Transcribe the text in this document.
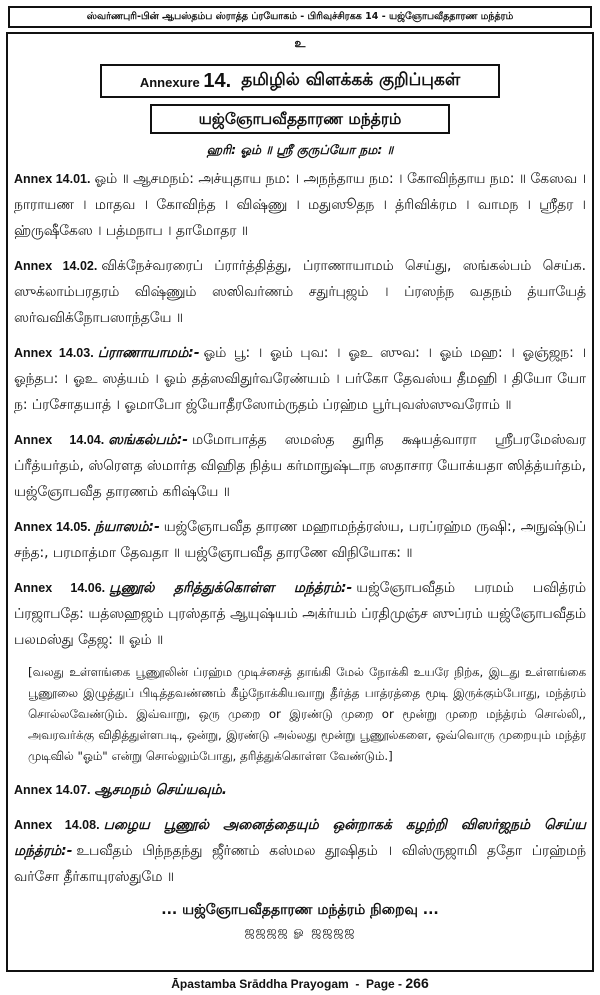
ஸ்வர்ணபுரி-பின் ஆபஸ்தம்ப ஸ்ராத்த ப்ரயோகம் - பிரிவுச்சிரகக 14 - யஜ்ஞோபவீததாரண மந்த்ரம்
உ
Annexure 14. தமிழில் விளக்கக் குறிப்புகள்
யஜ்ஞோபவீததாரண மந்த்ரம்
ஹரி: ஓம் ॥ ஸ்ரீ குருப்யோ நம: ॥

Annex 14.01. ஓம் ॥ ஆசமநம்: அச்யுதாய நம: । அநந்தாய நம: । கோவிந்தாய நம: ॥ கேஸவ । நாராயண । மாதவ । கோவிந்த । விஷ்ணு । மதுஸூதந । த்ரிவிக்ரம । வாமந । ஸ்ரீதர । ஹ்ருஷீகேஸ । பத்மநாப । தாமோதர ॥

Annex 14.02. விக்நேச்வரரைப் ப்ரார்த்தித்து, ப்ராணாயாமம் செய்து, ஸங்கல்பம் செய்க. ஸுக்லாம்பரதரம் விஷ்ணும் ஸஸிவர்ணம் சதுர்புஜம் । ப்ரஸந்ந வதநம் த்யாயேத் ஸர்வவிக்நோபஸாந்தயே ॥

Annex 14.03. ப்ராணாயாமம்:- ஓம் பூ: । ஓம் புவ: । ஓஉ ஸுவ: । ஓம் மஹ: । ஓஞ்ஜந: । ஓந்தப: । ஓஉ ஸத்யம் । ஓம் தத்ஸவிதுர்வரேண்யம் । பர்கோ தேவஸ்ய தீமஹி । தியோ யோ ந: ப்ரசோதயாத் । ஓமாபோ ஜ்யோதீரஸோம்ருதம் ப்ரஹ்ம பூர்புவஸ்ஸுவரோம் ॥

Annex 14.04. ஸங்கல்பம்:- மமோபாத்த ஸமஸ்த துரித க்ஷயத்வாரா ஸ்ரீபரமேஸ்வர ப்ரீத்யர்தம், ஸ்ரௌத ஸ்மார்த விஹித நித்ய கர்மாநுஷ்டாந ஸதாசார யோக்யதா ஸித்த்யர்தம், யஜ்ஞோபவீத தாரணம் கரிஷ்யே ॥

Annex 14.05. ந்யாஸம்:- யஜ்ஞோபவீத தாரண மஹாமந்த்ரஸ்ய, பரப்ரஹ்ம ருஷி:, அநுஷ்டுப் சந்த:, பரமாத்மா தேவதா ॥ யஜ்ஞோபவீத தாரணே விநியோக: ॥

Annex 14.06. பூணூல் தரித்துக்கொள்ள மந்த்ரம்:- யஜ்ஞோபவீதம் பரமம் பவித்ரம் ப்ரஜாபதே: யத்ஸஹஜம் புரஸ்தாத் ஆயுஷ்யம் அக்ர்யம் ப்ரதிமுஞ்ச ஸுப்ரம் யஜ்ஞோபவீதம் பலமஸ்து தேஜ: ॥ ஓம் ॥

[வலது உள்ளங்கை பூணூலின் ப்ரஹ்ம முடிச்சைத் தாங்கி மேல் நோக்கி உயரே நிற்க, இடது உள்ளங்கை பூணூலை இழுத்துப் பிடித்தவண்ணம் கீழ்நோக்கியவாறு தீர்த்த பாத்ரத்தை மூடி இருக்கும்போது, மந்த்ரம் சொல்லவேண்டும். இவ்வாறு, ஒரு முறை or இரண்டு முறை or மூன்று முறை மந்த்ரம் சொல்லி,, அவரவர்க்கு விதித்துள்ளபடி, ஒன்று, இரண்டு அல்லது மூன்று பூணூல்களை, ஒவ்வொரு முறையும் மந்த்ர முடிவில் "ஓம்" என்று சொல்லும்போது, தரித்துக்கொள்ள வேண்டும்.]

Annex 14.07. ஆசமநம் செய்யவும்.

Annex 14.08. பழைய பூணூல் அனைத்தையும் ஒன்றாகக் கழற்றி விஸர்ஜநம் செய்ய மந்த்ரம்:- உபவீதம் பிந்நதந்து ஜீர்ணம் கஸ்மல தூஷிதம் । விஸ்ருஜாமி ததோ ப்ரஹ்மந் வர்சோ தீர்காயுரஸ்துமே ॥

... யஜ்ஞோபவீததாரண மந்த்ரம் நிறைவு ...
ஜஜஜஜ ௐ ஜஜஜஜ
Āpastamba Srāddha Prayogam - Page - 266
